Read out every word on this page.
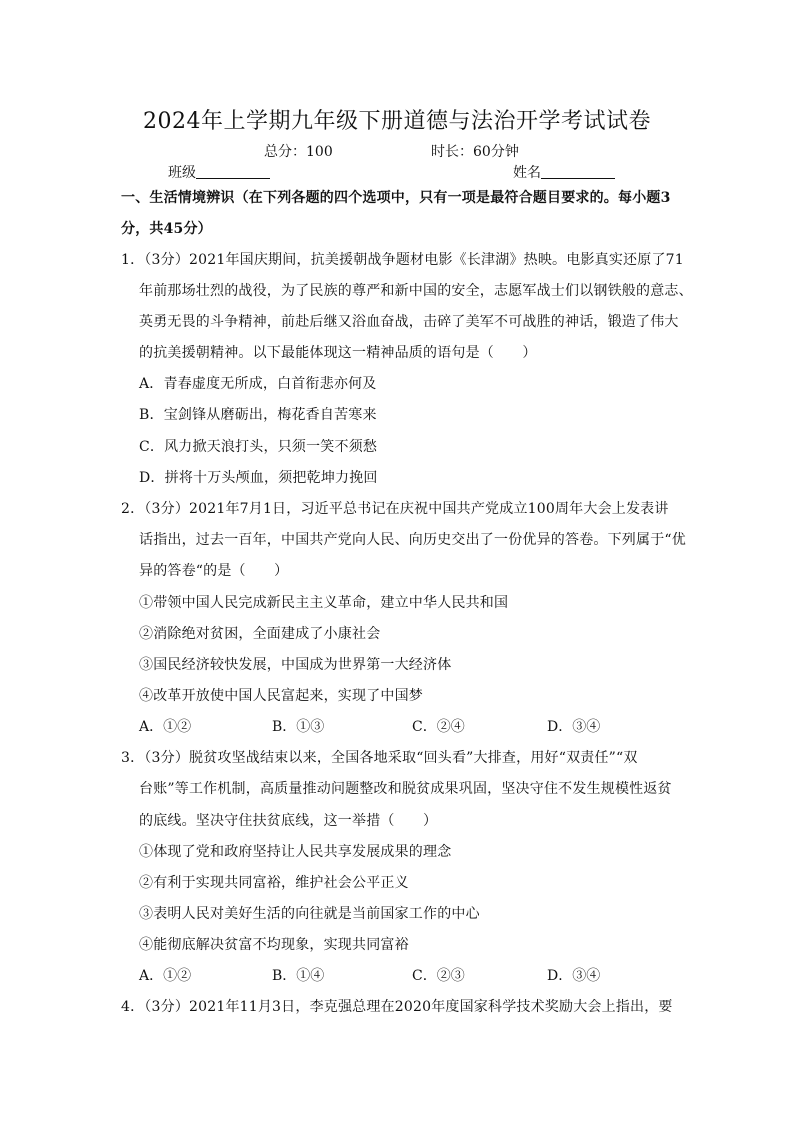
2024年上学期九年级下册道德与法治开学考试试卷
总分：100	时长：60分钟
班级	姓名
一、生活情境辨识（在下列各题的四个选项中，只有一项是最符合题目要求的。每小题3
分，共45分）
1．（3分）2021年国庆期间，抗美援朝战争题材电影《长津湖》热映。电影真实还原了71
年前那场壮烈的战役，为了民族的尊严和新中国的安全，志愿军战士们以钢铁般的意志、
英勇无畏的斗争精神，前赴后继又浴血奋战，击碎了美军不可战胜的神话，锻造了伟大
的抗美援朝精神。以下最能体现这一精神品质的语句是（　　）
A．青春虚度无所成，白首衔悲亦何及
B．宝剑锋从磨砺出，梅花香自苦寒来
C．风力掀天浪打头，只须一笑不须愁
D．拼将十万头颅血，须把乾坤力挽回
2．（3分）2021年7月1日，习近平总书记在庆祝中国共产党成立100周年大会上发表讲
话指出，过去一百年，中国共产党向人民、向历史交出了一份优异的答卷。下列属于“优
异的答卷“的是（　　）
①带领中国人民完成新民主主义革命，建立中华人民共和国
②消除绝对贫困，全面建成了小康社会
③国民经济较快发展，中国成为世界第一大经济体
④改革开放使中国人民富起来，实现了中国梦
A．①②	B．①③	C．②④	D．③④
3．（3分）脱贫攻坚战结束以来，全国各地采取“回头看”大排查，用好“双责任”“双
台账”等工作机制，高质量推动问题整改和脱贫成果巩固，坚决守住不发生规模性返贫
的底线。坚决守住扶贫底线，这一举措（　　）
①体现了党和政府坚持让人民共享发展成果的理念
②有利于实现共同富裕，维护社会公平正义
③表明人民对美好生活的向往就是当前国家工作的中心
④能彻底解决贫富不均现象，实现共同富裕
A．①②	B．①④	C．②③	D．③④
4．（3分）2021年11月3日，李克强总理在2020年度国家科学技术奖励大会上指出，要
